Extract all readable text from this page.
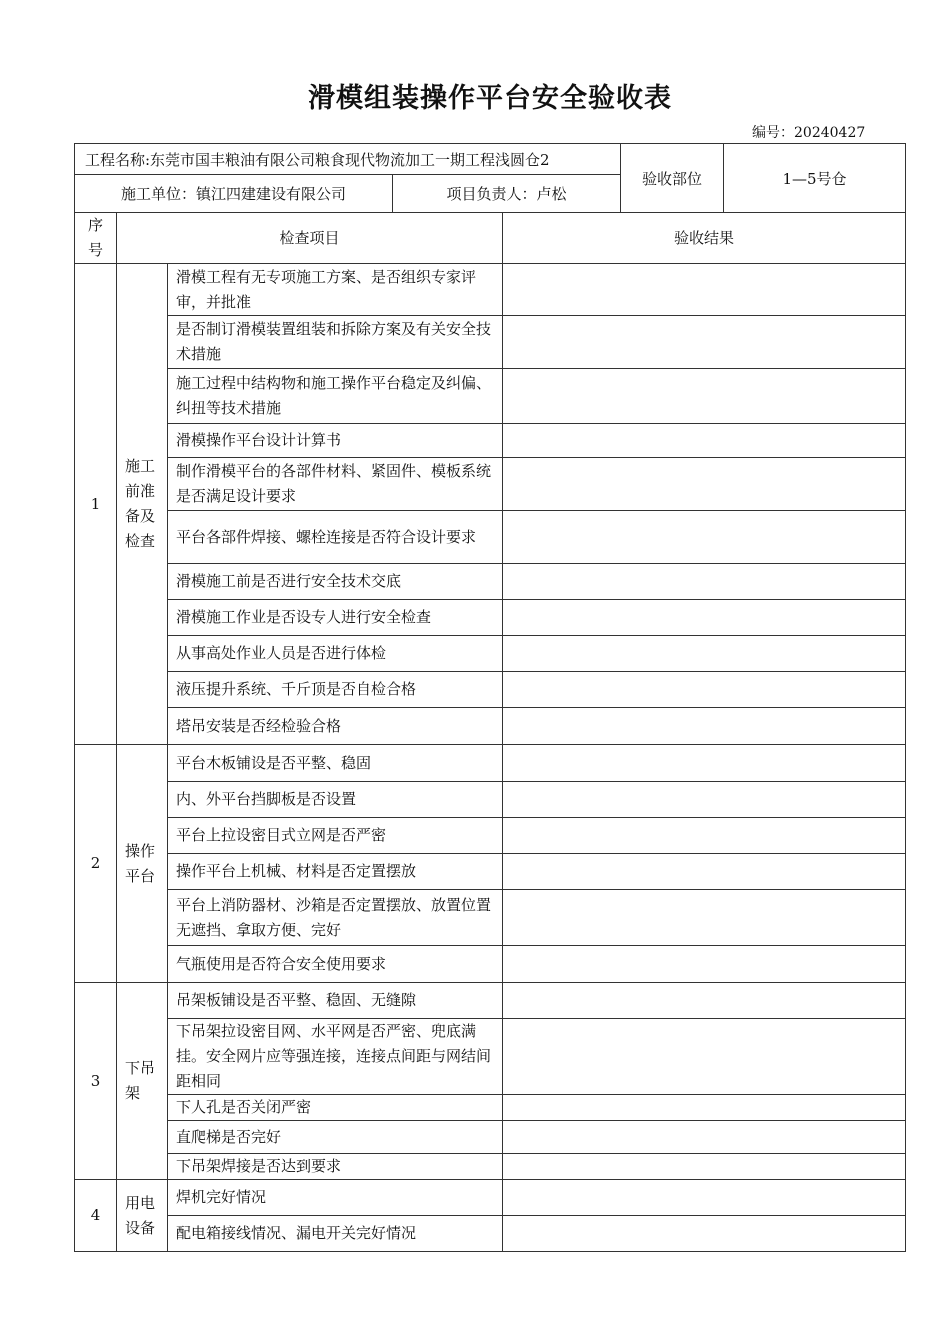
滑模组装操作平台安全验收表
编号：20240427
工程名称:东莞市国丰粮油有限公司粮食现代物流加工一期工程浅圆仓2		验收部位	1—5号仓
施工单位：镇江四建建设有限公司	项目负责人：卢松		
序号	检查项目		验收结果
1	施工前准备及检查	滑模工程有无专项施工方案、是否组织专家评审，并批准	
		是否制订滑模装置组装和拆除方案及有关安全技术措施	
		施工过程中结构物和施工操作平台稳定及纠偏、纠扭等技术措施	
		滑模操作平台设计计算书	
		制作滑模平台的各部件材料、紧固件、模板系统是否满足设计要求	
		平台各部件焊接、螺栓连接是否符合设计要求	
		滑模施工前是否进行安全技术交底	
		滑模施工作业是否设专人进行安全检查	
		从事高处作业人员是否进行体检	
		液压提升系统、千斤顶是否自检合格	
		塔吊安装是否经检验合格	
2	操作平台	平台木板铺设是否平整、稳固	
		内、外平台挡脚板是否设置	
		平台上拉设密目式立网是否严密	
		操作平台上机械、材料是否定置摆放	
		平台上消防器材、沙箱是否定置摆放、放置位置无遮挡、拿取方便、完好	
		气瓶使用是否符合安全使用要求	
3	下吊架	吊架板铺设是否平整、稳固、无缝隙	
		下吊架拉设密目网、水平网是否严密、兜底满挂。安全网片应等强连接，连接点间距与网结间距相同	
		下人孔是否关闭严密	
		直爬梯是否完好	
		下吊架焊接是否达到要求	
4	用电设备	焊机完好情况	
		配电箱接线情况、漏电开关完好情况	
